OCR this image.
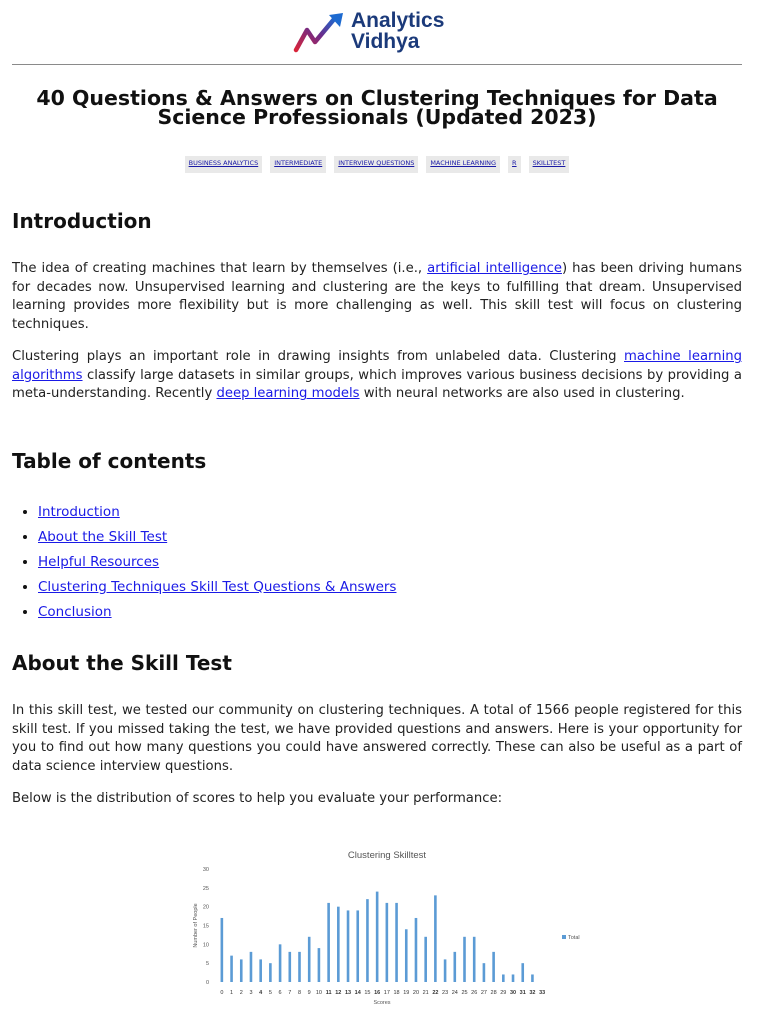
Analytics
Vidhya
40 Questions & Answers on Clustering Techniques for Data
Science Professionals (Updated 2023)
BUSINESS ANALYTICS INTERMEDIATE INTERVIEW QUESTIONS MACHINE LEARNING R SKILLTEST
Introduction

The idea of creating machines that learn by themselves (i.e., artificial intelligence) has been driving humans for decades now. Unsupervised learning and clustering are the keys to fulfilling that dream. Unsupervised learning provides more flexibility but is more challenging as well. This skill test will focus on clustering techniques.

Clustering plays an important role in drawing insights from unlabeled data. Clustering machine learning algorithms classify large datasets in similar groups, which improves various business decisions by providing a meta-understanding. Recently deep learning models with neural networks are also used in clustering.

Table of contents
• Introduction
• About the Skill Test
• Helpful Resources
• Clustering Techniques Skill Test Questions & Answers
• Conclusion
About the Skill Test

In this skill test, we tested our community on clustering techniques. A total of 1566 people registered for this skill test. If you missed taking the test, we have provided questions and answers. Here is your opportunity for you to find out how many questions you could have answered correctly. These can also be useful as a part of data science interview questions.

Below is the distribution of scores to help you evaluate your performance:

Clustering Skilltest
Number of People
Scores
0
5
10
15
20
25
30
0 1 2 3 4 5 6 7 8 9 10 11 12 13 14 15 16 17 18 19 20 21 22 23 24 25 26 27 28 29 30 31 32 33
Total
